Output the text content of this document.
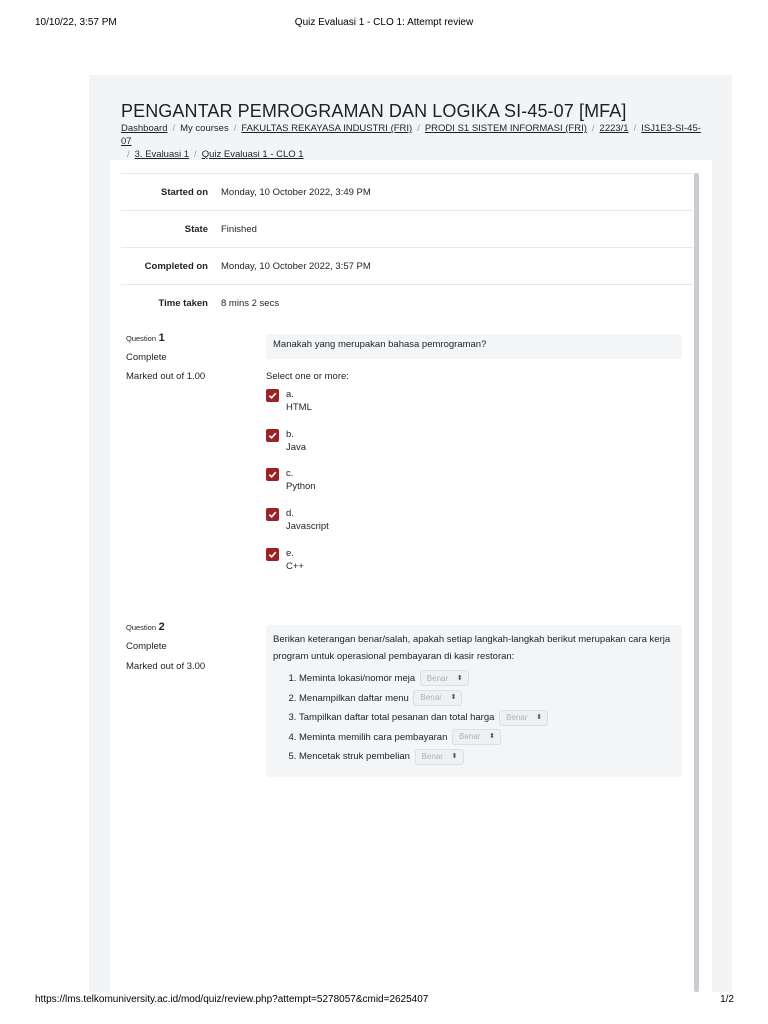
10/10/22, 3:57 PM	Quiz Evaluasi 1 - CLO 1: Attempt review
PENGANTAR PEMROGRAMAN DAN LOGIKA SI-45-07 [MFA]
Dashboard / My courses / FAKULTAS REKAYASA INDUSTRI (FRI) / PRODI S1 SISTEM INFORMASI (FRI) / 2223/1 / ISJ1E3-SI-45-07
/ 3. Evaluasi 1 / Quiz Evaluasi 1 - CLO 1
Started on	Monday, 10 October 2022, 3:49 PM
State	Finished
Completed on	Monday, 10 October 2022, 3:57 PM
Time taken	8 mins 2 secs
Question 1
Complete
Marked out of 1.00
Manakah yang merupakan bahasa pemrograman?
Select one or more:
a.
HTML
b.
Java
c.
Python
d.
Javascript
e.
C++
Question 2
Complete
Marked out of 3.00
Berikan keterangan benar/salah, apakah setiap langkah-langkah berikut merupakan cara kerja program untuk operasional pembayaran di kasir restoran:
1. Meminta lokasi/nomor meja Benar ⬍
2. Menampilkan daftar menu Benar ⬍
3. Tampilkan daftar total pesanan dan total harga Benar ⬍
4. Meminta memilih cara pembayaran Benar ⬍
5. Mencetak struk pembelian Benar ⬍
https://lms.telkomuniversity.ac.id/mod/quiz/review.php?attempt=5278057&cmid=2625407	1/2
